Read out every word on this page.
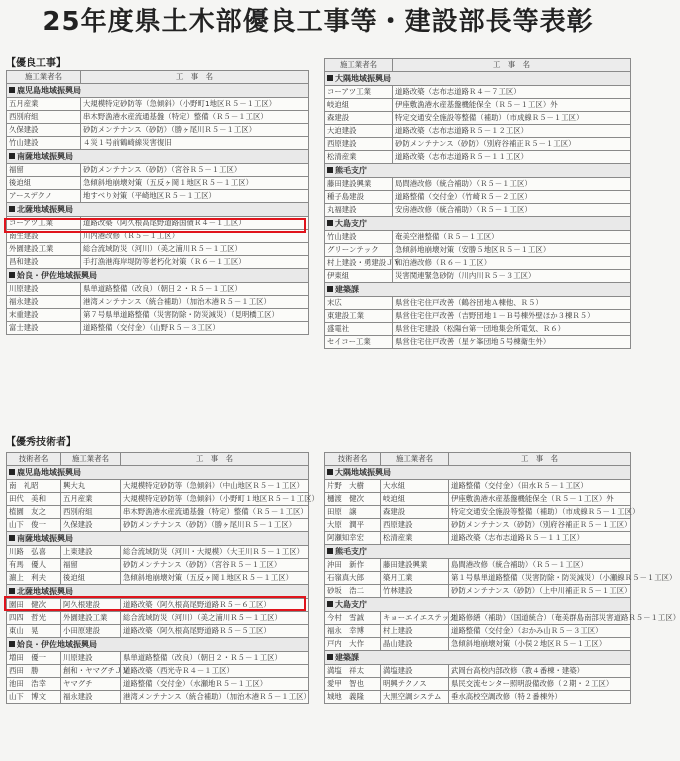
25年度県土木部優良工事等・建設部長等表彰
【優良工事】
【優秀技術者】
施工業者名	工　事　名
鹿児島地域振興局	
五月産業	大規模特定砂防等（急傾斜）（小野町1地区Ｒ５－１工区）
西別府組	串木野漁港水産流通基盤（特定）整備（Ｒ５－１工区）
久保建設	砂防メンテナンス（砂防）（勝ヶ尾川Ｒ５－１工区）
竹山建設	４災１号前鶴崎線災害復旧
南薩地域振興局	
福留	砂防メンテナンス（砂防）（宮谷Ｒ５－１工区）
後迫組	急傾斜地崩壊対策（五反ヶ岡１地区Ｒ５－１工区）
アースデクノ	地すべり対策（平崎地区Ｒ５－１工区）
北薩地域振興局	
コーアツ工業	道路改築（阿久根高尾野道路国債Ｒ４－１工区）
南生建設	川内港改修（Ｒ５－１工区）
外園建設工業	総合流域防災（河川）（美之浦川Ｒ５－１工区）
昌和建設	手打漁港海岸堤防等老朽化対策（Ｒ６－１工区）
姶良・伊佐地域振興局	
川原建設	県単道路整備（改良）（朝日２・Ｒ５－１工区）
福永建設	港湾メンテナンス（統合補助）（加治木港Ｒ５－１工区）
末重建設	第７号県単道路整備（災害防除・防災減災）（見明橋工区）
富士建設	道路整備（交付金）（山野Ｒ５－３工区）
施工業者名	工　事　名
大隅地域振興局	
コーアツ工業	道路改築（志布志道路Ｒ４－７工区）
岐迫組	伊座敷漁港水産基盤機能保全（Ｒ５－１工区）外
森建設	特定交通安全施設等整備（補助）（市成線Ｒ５－１工区）
大迫建設	道路改築（志布志道路Ｒ５－１２工区）
西原建設	砂防メンテナンス（砂防）（別府谷補正Ｒ５－１工区）
松清産業	道路改築（志布志道路Ｒ５－１１工区）
熊毛支庁	
藤田建設興業	局問港改修（統合補助）（Ｒ５－１工区）
種子島建設	道路整備（交付金）（竹崎Ｒ５－２工区）
丸福建設	安房港改修（統合補助）（Ｒ５－１工区）
大島支庁	
竹山建設	奄美空港整備（Ｒ５－１工区）
グリーンテック	急傾斜地崩壊対策（安勝５地区Ｒ５－１工区）
村上建設・勇建設ＪＶ	和泊港改修（Ｒ６－１工区）
伊東組	災害関連緊急砂防（川内川Ｒ５－３工区）
建築課	
末広	県営住宅住戸改善（鶴谷団地Ａ棟他、Ｒ５）
東建設工業	県営住宅住戸改善（吉野団地１－Ｂ号棟外壁ほか３棟Ｒ５）
盛電社	県営住宅建設（松陽台第一団地集会所電気、Ｒ６）
セイコー工業	県営住宅住戸改善（星ケ峯団地５号棟衛生外）
技術者名	施工業者名	工　事　名
鹿児島地域振興局		
南　礼昭	興大丸	大規模特定砂防等（急傾斜）（中山地区Ｒ５－１工区）
田代　美和	五月産業	大規模特定砂防等（急傾斜）（小野町１地区Ｒ５－１工区）
植園　友之	西別府組	串木野漁港水産流通基盤（特定）整備（Ｒ５－１工区）
山下　俊一	久保建設	砂防メンテナンス（砂防）（勝ヶ尾川Ｒ５－１工区）
南薩地域振興局		
川路　弘喜	上東建設	総合流域防災（河川・大規模）（大王川Ｒ５－１工区）
有馬　優人	福留	砂防メンテナンス（砂防）（宮谷Ｒ５－１工区）
濵上　利夫	後迫組	急傾斜地崩壊対策（五反ヶ岡１地区Ｒ５－１工区）
北薩地域振興局		
園田　健次	阿久根建設	道路改築（阿久根高尾野道路Ｒ５－６工区）
四四　哲光	外園建設工業	総合流域防災（河川）（美之浦川Ｒ５－１工区）
東山　晃	小田原建設	道路改築（阿久根高尾野道路Ｒ５－５工区）
姶良・伊佐地域振興局		
増田　優一	川原建設	県単道路整備（改良）（朝日２・Ｒ５－１工区）
西田　勝	創和・ヤマグチＪＶ	道路改築（西光寺Ｒ４－１工区）
池田　浩幸	ヤマグチ	道路整備（交付金）（水瀬地Ｒ５－１工区）
山下　博文	福永建設	港湾メンテナンス（統合補助）（加治木港Ｒ５－１工区）
技術者名	施工業者名	工　事　名
大隅地域振興局		
片野　大樹	大水組	道路整備（交付金）（田水Ｒ５－１工区）
樋渡　健次	岐迫組	伊座敷漁港水産基盤機能保全（Ｒ５－１工区）外
田原　譲	森建設	特定交通安全施設等整備（補助）（市成線Ｒ５－１工区）
大原　潤平	西原建設	砂防メンテナンス（砂防）（別府谷補正Ｒ５－１工区）
阿瀬知幸宏	松清産業	道路改築（志布志道路Ｒ５－１１工区）
熊毛支庁		
沖田　新作	藤田建設興業	島間港改修（統合補助）（Ｒ５－１工区）
石嶺真大郎	築月工業	第１号県単道路整備（災害防除・防災減災）（小瀬線Ｒ５－１工区）
砂坂　浩二	竹林建設	砂防メンテナンス（砂防）（上中川補正Ｒ５－１工区）
大島支庁		
今村　雪誠	キョーエイエステック	道路修繕（補助）（国道統合）（奄美群島南部災害道路Ｒ５－１工区）
福永　幸博	村上建設	道路整備（交付金）（おかみ山Ｒ５－３工区）
戸内　大作	晶山建設	急傾斜地崩壊対策（小俣２地区Ｒ５－１工区）
建築課		
満塩　祥太	満塩建設	武岡台高校内部改修（教４番棟・建築）
愛甲　智也	明興テクノス	県民交流センター照明設備改修（２期・２工区）
城地　義隆	大黒空調システム	垂水高校空調改修（特２番棟外）
